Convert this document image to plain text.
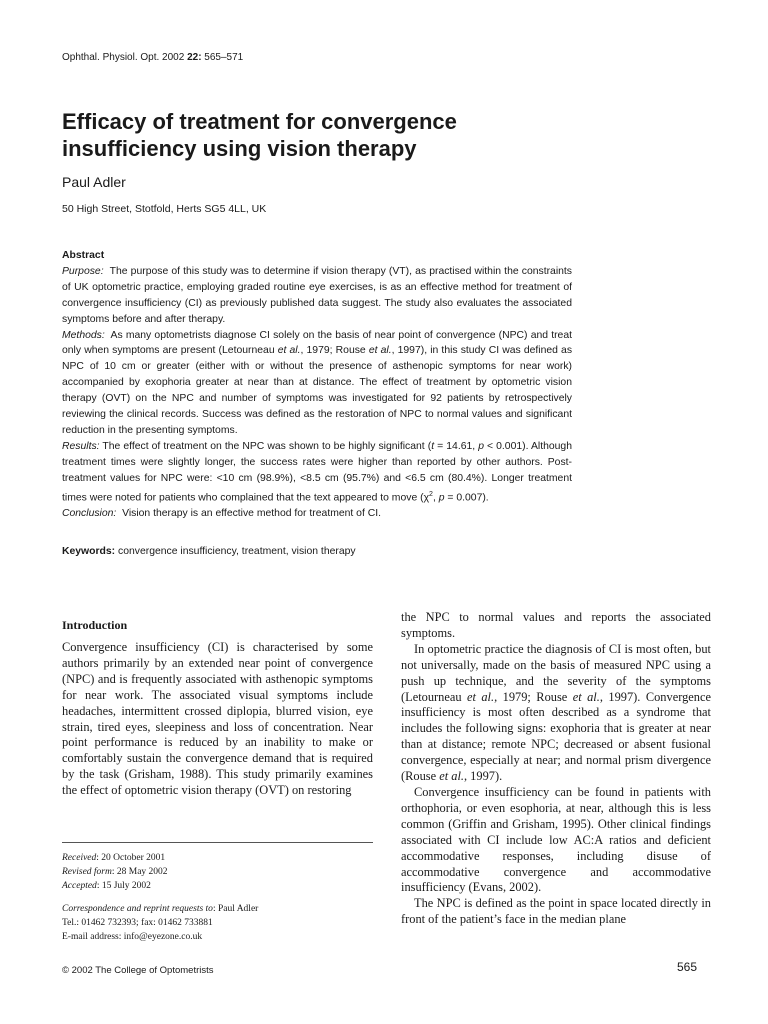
Ophthal. Physiol. Opt. 2002 22: 565–571
Efficacy of treatment for convergence
insufficiency using vision therapy
Paul Adler
50 High Street, Stotfold, Herts SG5 4LL, UK

Abstract

Purpose: The purpose of this study was to determine if vision therapy (VT), as practised within the constraints of UK optometric practice, employing graded routine eye exercises, is as an effective method for treatment of convergence insufficiency (CI) as previously published data suggest. The study also evaluates the associated symptoms before and after therapy.

Methods: As many optometrists diagnose CI solely on the basis of near point of convergence (NPC) and treat only when symptoms are present (Letourneau et al., 1979; Rouse et al., 1997), in this study CI was defined as NPC of 10 cm or greater (either with or without the presence of asthenopic symptoms for near work) accompanied by exophoria greater at near than at distance. The effect of treatment by optometric vision therapy (OVT) on the NPC and number of symptoms was investigated for 92 patients by retrospectively reviewing the clinical records. Success was defined as the restoration of NPC to normal values and significant reduction in the presenting symptoms.

Results: The effect of treatment on the NPC was shown to be highly significant (t = 14.61, p < 0.001). Although treatment times were slightly longer, the success rates were higher than reported by other authors. Post-treatment values for NPC were: <10 cm (98.9%), <8.5 cm (95.7%) and <6.5 cm (80.4%). Longer treatment times were noted for patients who complained that the text appeared to move ($\chi^2$, p = 0.007).

Conclusion: Vision therapy is an effective method for treatment of CI.

Keywords: convergence insufficiency, treatment, vision therapy
Introduction

Convergence insufficiency (CI) is characterised by some authors primarily by an extended near point of convergence (NPC) and is frequently associated with asthenopic symptoms for near work. The associated visual symptoms include headaches, intermittent crossed diplopia, blurred vision, eye strain, tired eyes, sleepiness and loss of concentration. Near point performance is reduced by an inability to make or comfortably sustain the convergence demand that is required by the task (Grisham, 1988). This study primarily examines the effect of optometric vision therapy (OVT) on restoring

the NPC to normal values and reports the associated symptoms.

In optometric practice the diagnosis of CI is most often, but not universally, made on the basis of measured NPC using a push up technique, and the severity of the symptoms (Letourneau et al., 1979; Rouse et al., 1997). Convergence insufficiency is most often described as a syndrome that includes the following signs: exophoria that is greater at near than at distance; remote NPC; decreased or absent fusional convergence, especially at near; and normal prism divergence (Rouse et al., 1997).

Convergence insufficiency can be found in patients with orthophoria, or even esophoria, at near, although this is less common (Griffin and Grisham, 1995). Other clinical findings associated with CI include low AC:A ratios and deficient accommodative responses, including disuse of accommodative convergence and accommodative insufficiency (Evans, 2002).

The NPC is defined as the point in space located directly in front of the patient’s face in the median plane

Received: 20 October 2001
Revised form: 28 May 2002
Accepted: 15 July 2002
Correspondence and reprint requests to: Paul Adler
Tel.: 01462 732393; fax: 01462 733881
E-mail address: info@eyezone.co.uk
© 2002 The College of Optometrists	565
